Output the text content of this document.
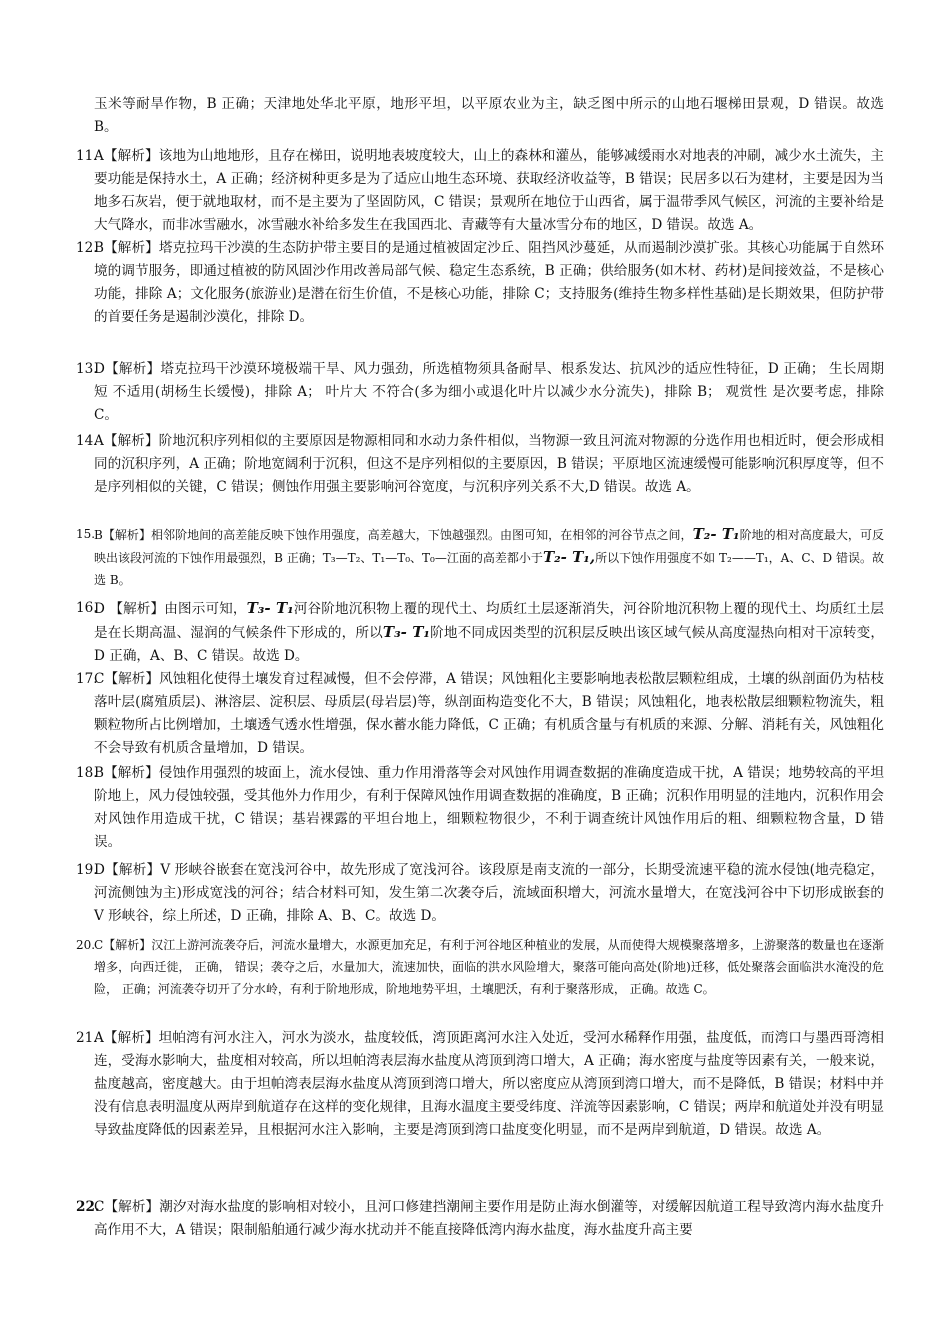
玉米等耐旱作物，B 正确；天津地处华北平原，地形平坦，以平原农业为主，缺乏图中所示的山地石堰梯田景观，D 错误。故选 B。
11.
A【解析】该地为山地地形，且存在梯田，说明地表坡度较大，山上的森林和灌丛，能够减缓雨水对地表的冲刷，减少水土流失，主要功能是保持水土，A 正确；经济树种更多是为了适应山地生态环境、获取经济收益等，B 错误；民居多以石为建材，主要是因为当地多石灰岩，便于就地取材，而不是主要为了坚固防风，C 错误；景观所在地位于山西省，属于温带季风气候区，河流的主要补给是大气降水，而非冰雪融水，冰雪融水补给多发生在我国西北、青藏等有大量冰雪分布的地区，D 错误。故选 A。
12.
B【解析】塔克拉玛干沙漠的生态防护带主要目的是通过植被固定沙丘、阻挡风沙蔓延，从而遏制沙漠扩张。其核心功能属于自然环境的调节服务，即通过植被的防风固沙作用改善局部气候、稳定生态系统，B 正确；供给服务(如木材、药材)是间接效益，不是核心功能，排除 A；文化服务(旅游业)是潜在衍生价值，不是核心功能，排除 C；支持服务(维持生物多样性基础)是长期效果，但防护带的首要任务是遏制沙漠化，排除 D。
13.
D【解析】塔克拉玛干沙漠环境极端干旱、风力强劲，所选植物须具备耐旱、根系发达、抗风沙的适应性特征，D 正确； 生长周期短 不适用(胡杨生长缓慢)，排除 A； 叶片大 不符合(多为细小或退化叶片以减少水分流失)，排除 B； 观赏性 是次要考虑，排除 C。
14.
A【解析】阶地沉积序列相似的主要原因是物源相同和水动力条件相似，当物源一致且河流对物源的分选作用也相近时，便会形成相同的沉积序列，A 正确；阶地宽阔利于沉积，但这不是序列相似的主要原因，B 错误；平原地区流速缓慢可能影响沉积厚度等，但不是序列相似的关键，C 错误；侧蚀作用强主要影响河谷宽度，与沉积序列关系不大,D 错误。故选 A。
15.
B【解析】相邻阶地间的高差能反映下蚀作用强度，高差越大，下蚀越强烈。由图可知，在相邻的河谷节点之间，T₂- T₁阶地的相对高度最大，可反映出该段河流的下蚀作用最强烈，B 正确；T₃—T₂、T₁—T₀、T₀—江面的高差都小于T₂- T₁,所以下蚀作用强度不如 T₂——T₁，A、C、D 错误。故选 B。
16.
D 【解析】由图示可知，T₃- T₁河谷阶地沉积物上覆的现代土、均质红土层逐渐消失，河谷阶地沉积物上覆的现代土、均质红土层是在长期高温、湿润的气候条件下形成的，所以T₃- T₁阶地不同成因类型的沉积层反映出该区域气候从高度湿热向相对干凉转变，D 正确，A、B、C 错误。故选 D。
17.
C【解析】风蚀粗化使得土壤发育过程减慢，但不会停滞，A 错误；风蚀粗化主要影响地表松散层颗粒组成，土壤的纵剖面仍为枯枝落叶层(腐殖质层)、淋溶层、淀积层、母质层(母岩层)等，纵剖面构造变化不大，B 错误；风蚀粗化，地表松散层细颗粒物流失，粗颗粒物所占比例增加，土壤透气透水性增强，保水蓄水能力降低，C 正确；有机质含量与有机质的来源、分解、消耗有关，风蚀粗化不会导致有机质含量增加，D 错误。
18.
B【解析】侵蚀作用强烈的坡面上，流水侵蚀、重力作用滑落等会对风蚀作用调查数据的准确度造成干扰，A 错误；地势较高的平坦阶地上，风力侵蚀较强，受其他外力作用少，有利于保障风蚀作用调查数据的准确度，B 正确；沉积作用明显的洼地内，沉积作用会对风蚀作用造成干扰，C 错误；基岩裸露的平坦台地上，细颗粒物很少，不利于调查统计风蚀作用后的粗、细颗粒物含量，D 错误。
19.
D【解析】V 形峡谷嵌套在宽浅河谷中，故先形成了宽浅河谷。该段原是南支流的一部分，长期受流速平稳的流水侵蚀(地壳稳定，河流侧蚀为主)形成宽浅的河谷；结合材料可知，发生第二次袭夺后，流域面积增大，河流水量增大，在宽浅河谷中下切形成嵌套的 V 形峡谷，综上所述，D 正确，排除 A、B、C。故选 D。
20.
C【解析】汉江上游河流袭夺后，河流水量增大，水源更加充足，有利于河谷地区种植业的发展，从而使得大规模聚落增多，上游聚落的数量也在逐渐增多，向西迁徙， 正确， 错误；袭夺之后，水量加大，流速加快，面临的洪水风险增大，聚落可能向高处(阶地)迁移，低处聚落会面临洪水淹没的危险， 正确；河流袭夺切开了分水岭，有利于阶地形成，阶地地势平坦，土壤肥沃，有利于聚落形成， 正确。故选 C。
21.
A【解析】坦帕湾有河水注入，河水为淡水，盐度较低，湾顶距离河水注入处近，受河水稀释作用强，盐度低，而湾口与墨西哥湾相连，受海水影响大，盐度相对较高，所以坦帕湾表层海水盐度从湾顶到湾口增大，A 正确；海水密度与盐度等因素有关，一般来说，盐度越高，密度越大。由于坦帕湾表层海水盐度从湾顶到湾口增大，所以密度应从湾顶到湾口增大，而不是降低，B 错误；材料中并没有信息表明温度从两岸到航道存在这样的变化规律，且海水温度主要受纬度、洋流等因素影响，C 错误；两岸和航道处并没有明显导致盐度降低的因素差异，且根据河水注入影响，主要是湾顶到湾口盐度变化明显，而不是两岸到航道，D 错误。故选 A。
22.
C【解析】潮汐对海水盐度的影响相对较小，且河口修建挡潮闸主要作用是防止海水倒灌等，对缓解因航道工程导致湾内海水盐度升高作用不大，A 错误；限制船舶通行减少海水扰动并不能直接降低湾内海水盐度，海水盐度升高主要
